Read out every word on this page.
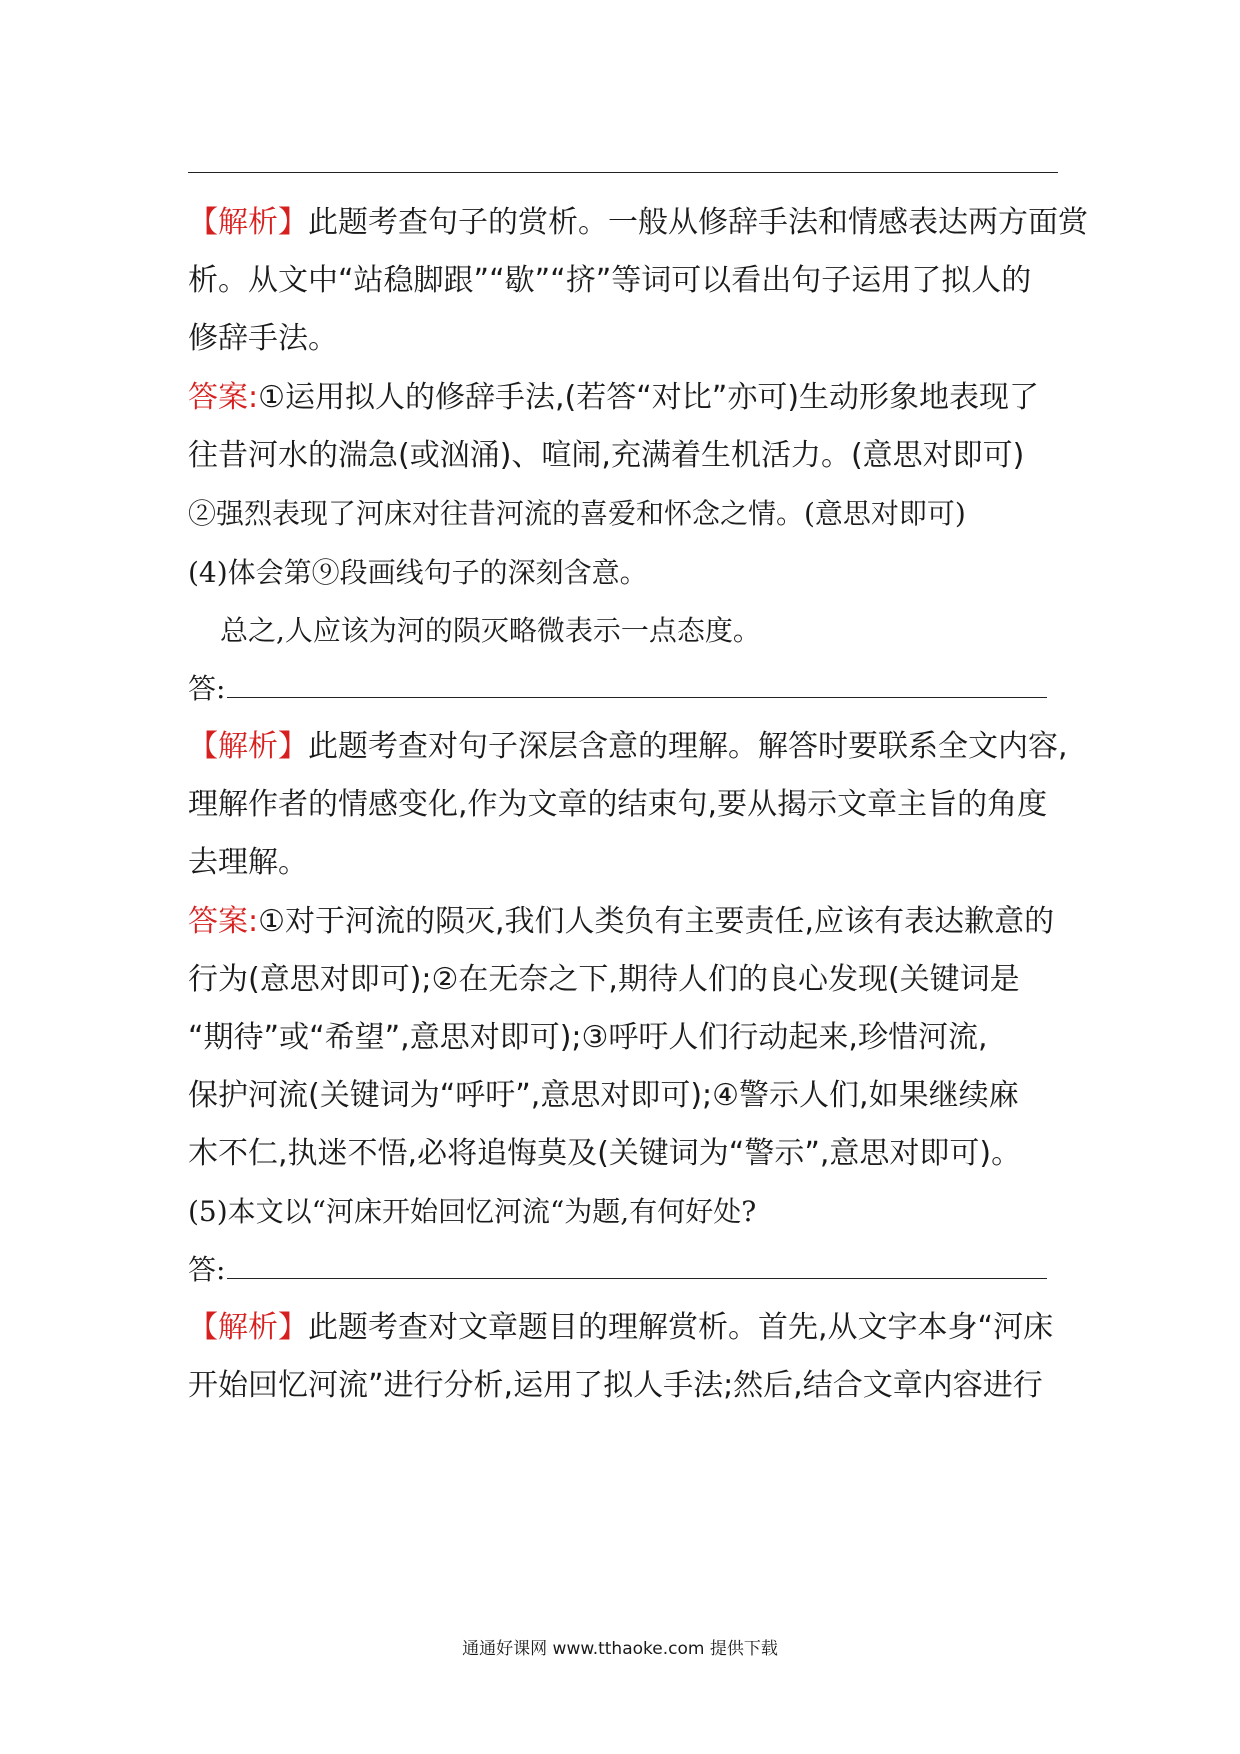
【解析】此题考查句子的赏析。一般从修辞手法和情感表达两方面赏
析。从文中“站稳脚跟”“歇”“挤”等词可以看出句子运用了拟人的
修辞手法。
答案:①运用拟人的修辞手法,(若答“对比”亦可)生动形象地表现了
往昔河水的湍急(或汹涌)、喧闹,充满着生机活力。(意思对即可)
②强烈表现了河床对往昔河流的喜爱和怀念之情。(意思对即可)
(4)体会第⑨段画线句子的深刻含意。
总之,人应该为河的陨灭略微表示一点态度。
答:
【解析】此题考查对句子深层含意的理解。解答时要联系全文内容,
理解作者的情感变化,作为文章的结束句,要从揭示文章主旨的角度
去理解。
答案:①对于河流的陨灭,我们人类负有主要责任,应该有表达歉意的
行为(意思对即可);②在无奈之下,期待人们的良心发现(关键词是
“期待”或“希望”,意思对即可);③呼吁人们行动起来,珍惜河流,
保护河流(关键词为“呼吁”,意思对即可);④警示人们,如果继续麻
木不仁,执迷不悟,必将追悔莫及(关键词为“警示”,意思对即可)。
(5)本文以“河床开始回忆河流“为题,有何好处?
答:
【解析】此题考查对文章题目的理解赏析。首先,从文字本身“河床
开始回忆河流”进行分析,运用了拟人手法;然后,结合文章内容进行
通通好课网 www.tthaoke.com 提供下载
